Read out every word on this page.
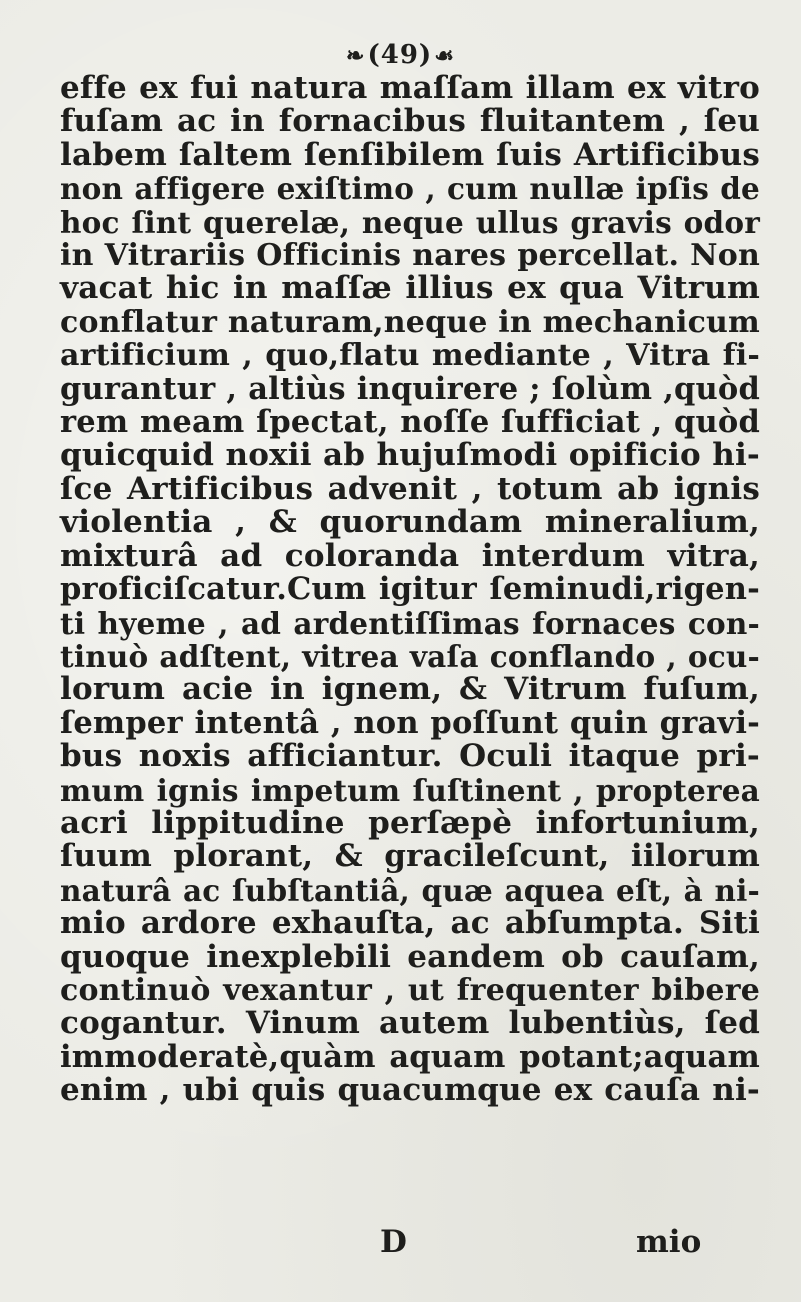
❧(49)☙
effe ex fui natura maſſam illam ex vitro
fuſam ac in fornacibus fluitantem , ſeu
labem ſaltem ſenſibilem ſuis Artificibus
non affigere exiſtimo , cum nullæ ipſis de
hoc ſint querelæ, neque ullus gravis odor
in Vitrariis Officinis nares percellat. Non
vacat hic in maſſæ illius ex qua Vitrum
conflatur naturam,neque in mechanicum
artificium , quo,flatu mediante , Vitra fi-
gurantur , altiùs inquirere ; ſolùm ,quòd
rem meam ſpectat, noſſe ſufficiat , quòd
quicquid noxii ab hujuſmodi opificio hi-
ſce Artificibus advenit , totum ab ignis
violentia , & quorundam mineralium,
mixturâ ad coloranda interdum vitra,
proficiſcatur.Cum igitur ſeminudi,rigen-
ti hyeme , ad ardentiſſimas fornaces con-
tinuò adſtent, vitrea vaſa conflando , ocu-
lorum acie in ignem, & Vitrum fuſum,
ſemper intentâ , non poſſunt quin gravi-
bus noxis afficiantur. Oculi itaque pri-
mum ignis impetum ſuſtinent , propterea
acri lippitudine perſæpè infortunium,
ſuum plorant, & gracileſcunt, iilorum
naturâ ac ſubſtantiâ, quæ aquea eſt, à ni-
mio ardore exhauſta, ac abſumpta. Siti
quoque inexplebili eandem ob cauſam,
continuò vexantur , ut frequenter bibere
cogantur. Vinum autem lubentiùs, ſed
immoderatè,quàm aquam potant;aquam
enim , ubi quis quacumque ex cauſa ni-
D	mio
